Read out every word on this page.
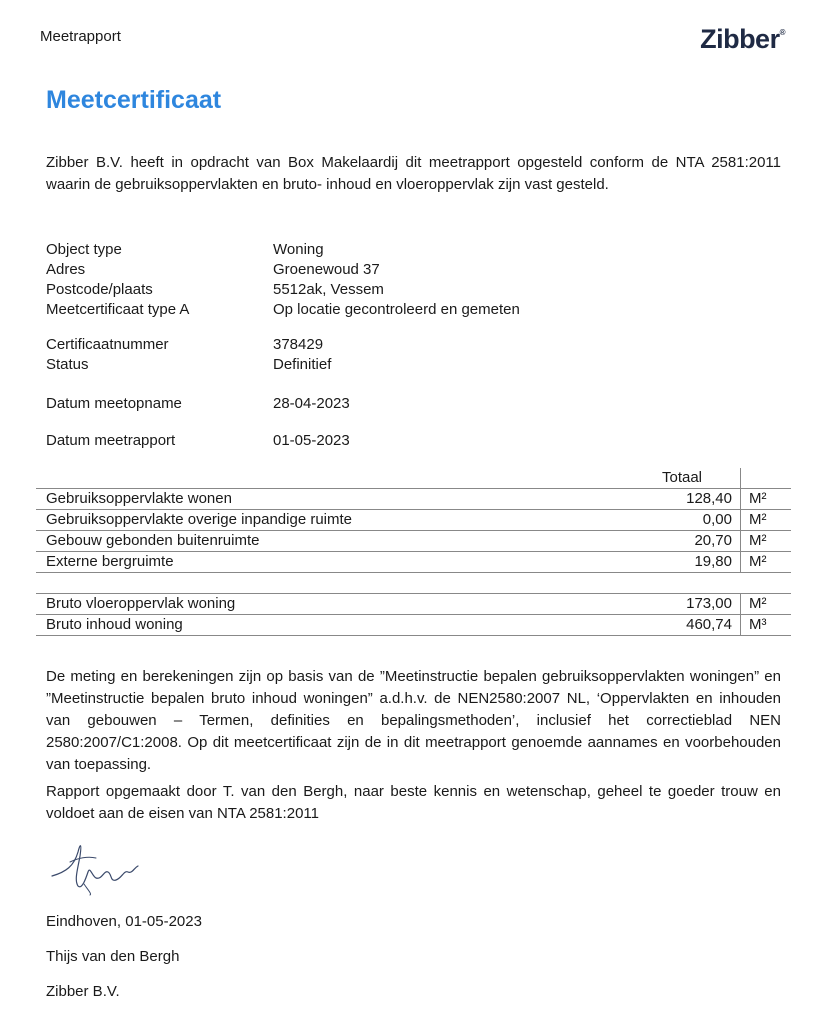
Meetrapport	Zibber®
Meetcertificaat
Zibber B.V. heeft in opdracht van Box Makelaardij dit meetrapport opgesteld conform de NTA 2581:2011 waarin de gebruiksoppervlakten en bruto- inhoud en vloeroppervlak zijn vast gesteld.
Object type	Woning
Adres	Groenewoud 37
Postcode/plaats	5512ak, Vessem
Meetcertificaat type A	Op locatie gecontroleerd en gemeten
Certificaatnummer	378429
Status	Definitief
Datum meetopname	28-04-2023
Datum meetrapport	01-05-2023
	Totaal	
Gebruiksoppervlakte wonen	128,40	M²
Gebruiksoppervlakte overige inpandige ruimte	0,00	M²
Gebouw gebonden buitenruimte	20,70	M²
Externe bergruimte	19,80	M²

Bruto vloeroppervlak woning	173,00	M²
Bruto inhoud woning	460,74	M³
De meting en berekeningen zijn op basis van de ”Meetinstructie bepalen gebruiksoppervlakten woningen” en ”Meetinstructie bepalen bruto inhoud woningen” a.d.h.v. de NEN2580:2007 NL, ‘Oppervlakten en inhouden van gebouwen – Termen, definities en bepalingsmethoden’, inclusief het correctieblad NEN 2580:2007/C1:2008. Op dit meetcertificaat zijn de in dit meetrapport genoemde aannames en voorbehouden van toepassing.
Rapport opgemaakt door T. van den Bergh, naar beste kennis en wetenschap, geheel te goeder trouw en voldoet aan de eisen van NTA 2581:2011
Eindhoven, 01-05-2023
Thijs van den Bergh
Zibber B.V.
